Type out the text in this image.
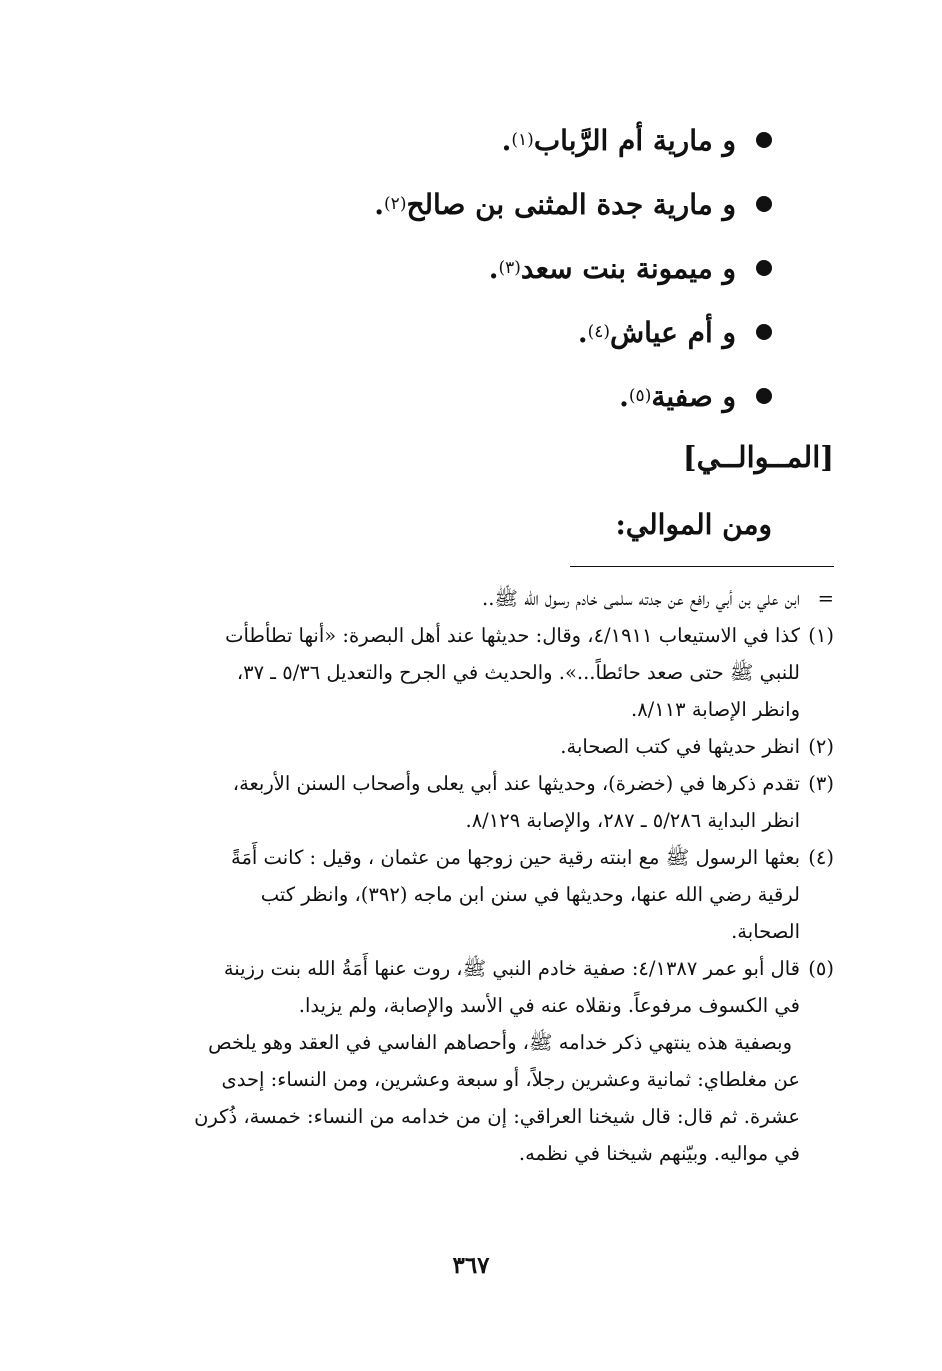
و مارية أم الرَّباب
(١)
.
و مارية جدة المثنى بن صالح
(٢)
.
و ميمونة بنت سعد
(٣)
.
و أم عياش
(٤)
.
و صفية
(٥)
.
[المــوالــي]
ومن الموالي:
=
ابن علي بن أبي رافع عن جدته سلمى خادم رسول الله ﷺ..
(١)
كذا في الاستيعاب ٤/١٩١١، وقال: حديثها عند أهل البصرة: «أنها تطأطأت
للنبي ﷺ حتى صعد حائطاً...». والحديث في الجرح والتعديل ٥/٣٦ ـ ٣٧،
وانظر الإصابة ٨/١١٣.
(٢)
انظر حديثها في كتب الصحابة.
(٣)
تقدم ذكرها في (خضرة)، وحديثها عند أبي يعلى وأصحاب السنن الأربعة،
انظر البداية ٥/٢٨٦ ـ ٢٨٧، والإصابة ٨/١٢٩.
(٤)
بعثها الرسول ﷺ مع ابنته رقية حين زوجها من عثمان ، وقيل : كانت أَمَةً
لرقية رضي الله عنها، وحديثها في سنن ابن ماجه (٣٩٢)، وانظر كتب
الصحابة.
(٥)
قال أبو عمر ٤/١٣٨٧: صفية خادم النبي ﷺ، روت عنها أَمَةُ الله بنت رزينة
في الكسوف مرفوعاً. ونقلاه عنه في الأسد والإصابة، ولم يزيدا.
وبصفية هذه ينتهي ذكر خدامه ﷺ، وأحصاهم الفاسي في العقد وهو يلخص
عن مغلطاي: ثمانية وعشرين رجلاً، أو سبعة وعشرين، ومن النساء: إحدى
عشرة. ثم قال: قال شيخنا العراقي: إن من خدامه من النساء: خمسة، ذُكرن
في مواليه. وبيّنهم شيخنا في نظمه.
٣٦٧
